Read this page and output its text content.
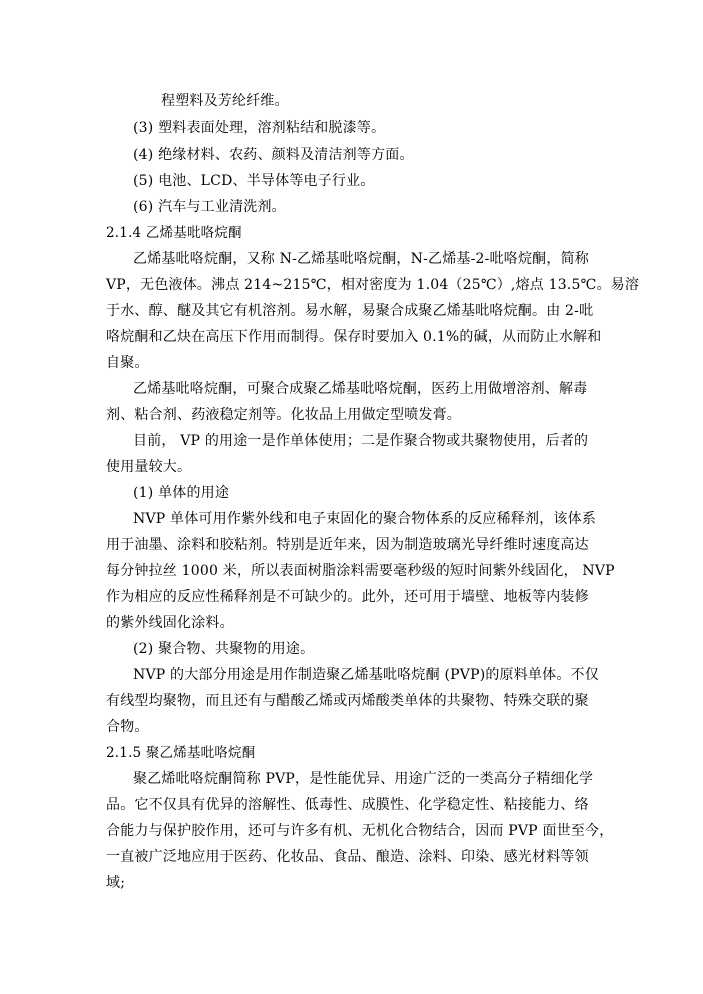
程塑料及芳纶纤维。
(3) 塑料表面处理，溶剂粘结和脱漆等。
(4) 绝缘材料、农药、颜料及清洁剂等方面。
(5) 电池、LCD、半导体等电子行业。
(6) 汽车与工业清洗剂。
2.1.4 乙烯基吡咯烷酮
乙烯基吡咯烷酮，又称 N-乙烯基吡咯烷酮，N-乙烯基-2-吡咯烷酮，简称
VP，无色液体。沸点 214~215℃，相对密度为 1.04（25℃）,熔点 13.5℃。易溶
于水、醇、醚及其它有机溶剂。易水解，易聚合成聚乙烯基吡咯烷酮。由 2-吡
咯烷酮和乙炔在高压下作用而制得。保存时要加入 0.1%的碱，从而防止水解和
自聚。
乙烯基吡咯烷酮，可聚合成聚乙烯基吡咯烷酮，医药上用做增溶剂、解毒
剂、粘合剂、药液稳定剂等。化妆品上用做定型喷发膏。
目前， VP 的用途一是作单体使用；二是作聚合物或共聚物使用，后者的
使用量较大。
(1) 单体的用途
NVP 单体可用作紫外线和电子束固化的聚合物体系的反应稀释剂，该体系
用于油墨、涂料和胶粘剂。特别是近年来，因为制造玻璃光导纤维时速度高达
每分钟拉丝 1000 米，所以表面树脂涂料需要毫秒级的短时间紫外线固化， NVP
作为相应的反应性稀释剂是不可缺少的。此外，还可用于墙壁、地板等内装修
的紫外线固化涂料。
(2) 聚合物、共聚物的用途。
NVP 的大部分用途是用作制造聚乙烯基吡咯烷酮 (PVP)的原料单体。不仅
有线型均聚物，而且还有与醋酸乙烯或丙烯酸类单体的共聚物、特殊交联的聚
合物。
2.1.5 聚乙烯基吡咯烷酮
聚乙烯吡咯烷酮简称 PVP，是性能优异、用途广泛的一类高分子精细化学
品。它不仅具有优异的溶解性、低毒性、成膜性、化学稳定性、粘接能力、络
合能力与保护胶作用，还可与许多有机、无机化合物结合，因而 PVP 面世至今，
一直被广泛地应用于医药、化妆品、食品、酿造、涂料、印染、感光材料等领
域;
